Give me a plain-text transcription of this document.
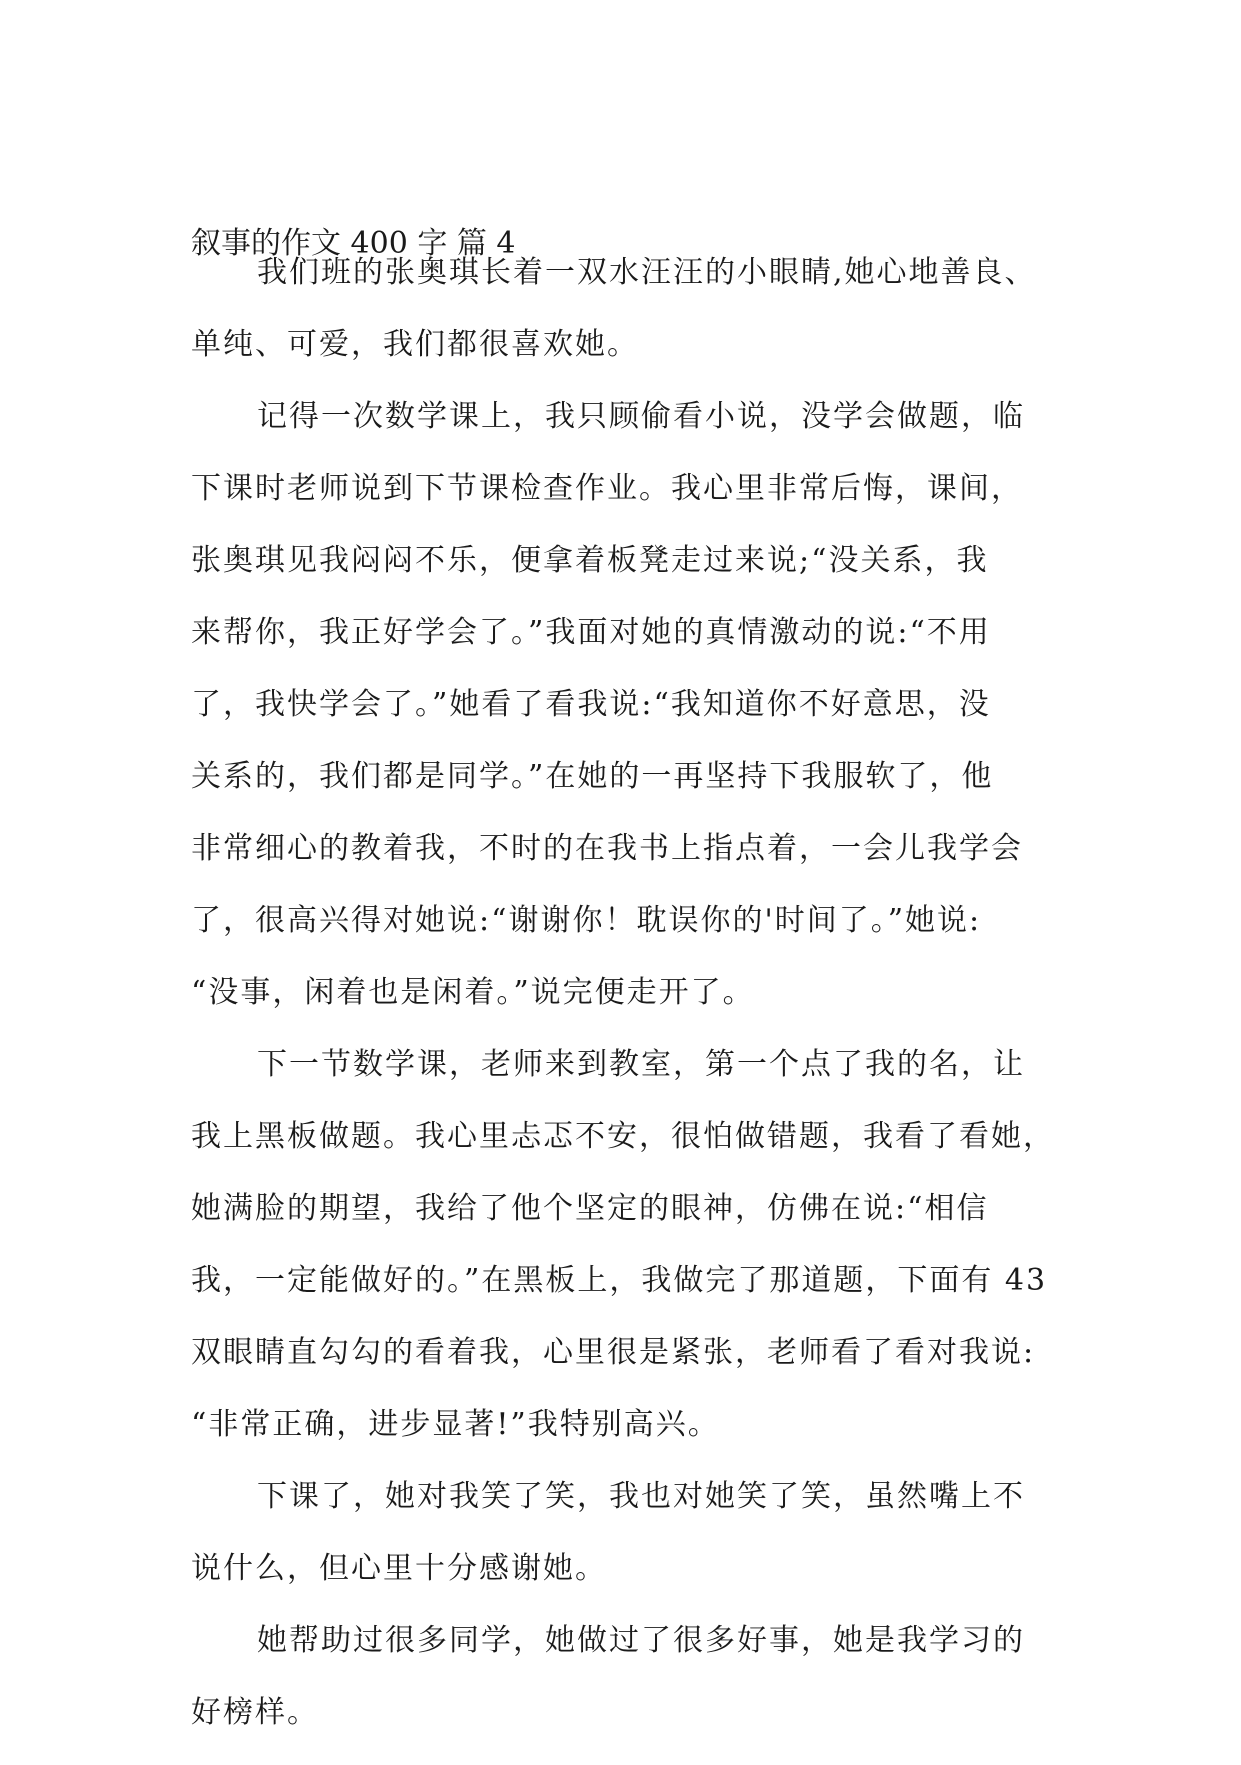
叙事的作文 400 字 篇 4
我们班的张奥琪长着一双水汪汪的小眼睛,她心地善良、
单纯、可爱，我们都很喜欢她。
记得一次数学课上，我只顾偷看小说，没学会做题，临
下课时老师说到下节课检查作业。我心里非常后悔，课间，
张奥琪见我闷闷不乐，便拿着板凳走过来说;“没关系，我
来帮你，我正好学会了。”我面对她的真情激动的说:“不用
了，我快学会了。”她看了看我说:“我知道你不好意思，没
关系的，我们都是同学。”在她的一再坚持下我服软了，他
非常细心的教着我，不时的在我书上指点着，一会儿我学会
了，很高兴得对她说:“谢谢你！耽误你的'时间了。”她说:
“没事，闲着也是闲着。”说完便走开了。
下一节数学课，老师来到教室，第一个点了我的名，让
我上黑板做题。我心里忐忑不安，很怕做错题，我看了看她，
她满脸的期望，我给了他个坚定的眼神，仿佛在说:“相信
我，一定能做好的。”在黑板上，我做完了那道题，下面有 43
双眼睛直勾勾的看着我，心里很是紧张，老师看了看对我说:
“非常正确，进步显著!”我特别高兴。
下课了，她对我笑了笑，我也对她笑了笑，虽然嘴上不
说什么，但心里十分感谢她。
她帮助过很多同学，她做过了很多好事，她是我学习的
好榜样。
